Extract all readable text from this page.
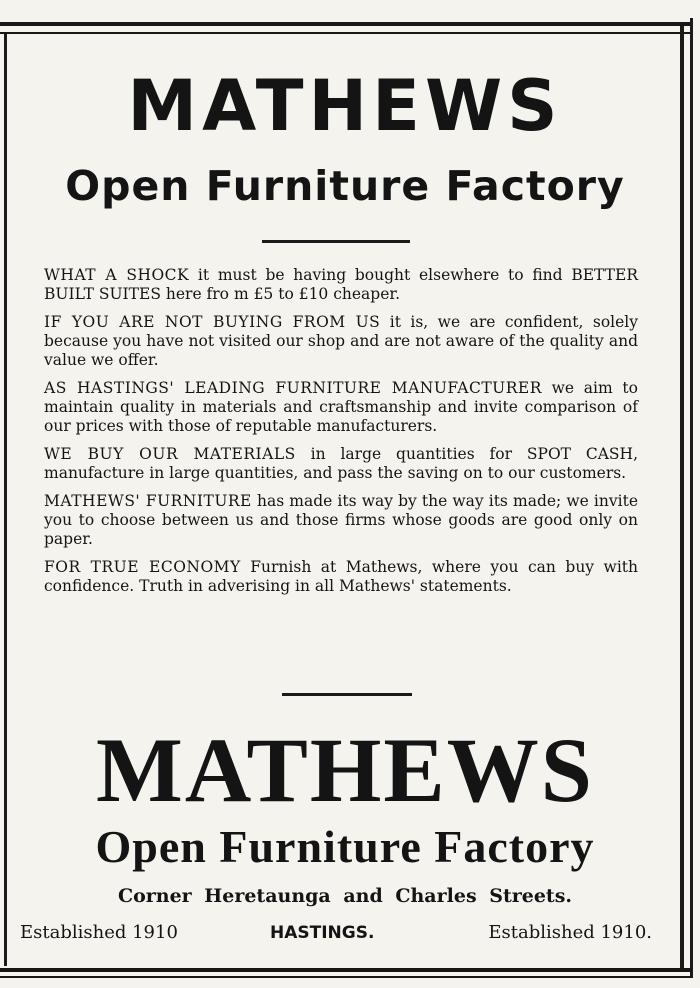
MATHEWS
Open Furniture Factory

WHAT A SHOCK it must be having bought elsewhere to find BETTER BUILT SUITES here fro m £5 to £10 cheaper.

IF YOU ARE NOT BUYING FROM US it is, we are confident, solely because you have not visited our shop and are not aware of the quality and value we offer.

AS HASTINGS' LEADING FURNITURE MANUFACTURER we aim to maintain quality in materials and craftsmanship and invite comparison of our prices with those of reputable manufacturers.

WE BUY OUR MATERIALS in large quantities for SPOT CASH, manufacture in large quantities, and pass the saving on to our customers.

MATHEWS' FURNITURE has made its way by the way its made; we invite you to choose between us and those firms whose goods are good only on paper.

FOR TRUE ECONOMY Furnish at Mathews, where you can buy with confidence. Truth in adverising in all Mathews' statements.

MATHEWS
Open Furniture Factory
Corner Heretaunga and Charles Streets.
Established 1910	HASTINGS.	Established 1910.
